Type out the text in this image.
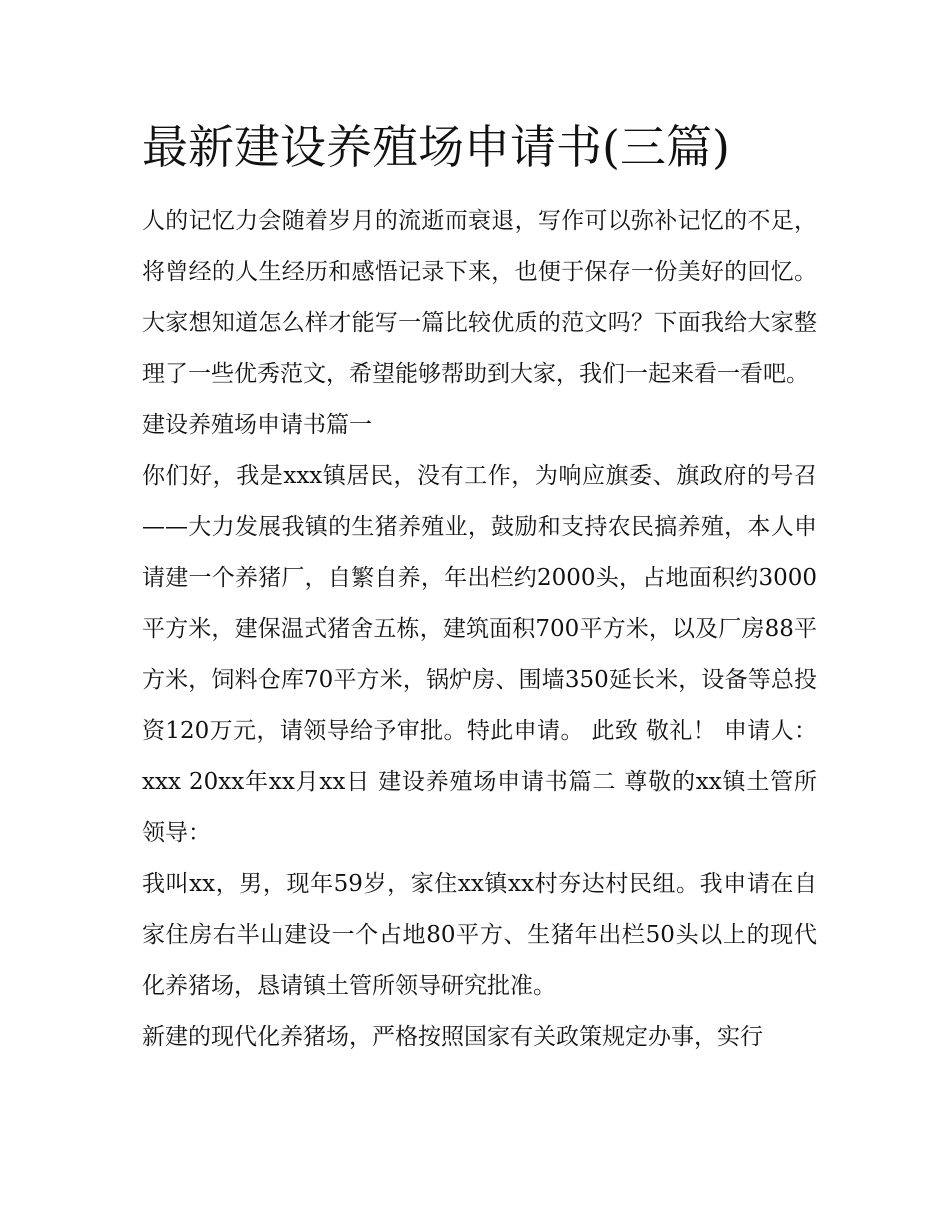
最新建设养殖场申请书(三篇)

人的记忆力会随着岁月的流逝而衰退，写作可以弥补记忆的不足，将曾经的人生经历和感悟记录下来，也便于保存一份美好的回忆。大家想知道怎么样才能写一篇比较优质的范文吗？下面我给大家整理了一些优秀范文，希望能够帮助到大家，我们一起来看一看吧。

建设养殖场申请书篇一

你们好，我是xxx镇居民，没有工作，为响应旗委、旗政府的号召——大力发展我镇的生猪养殖业，鼓励和支持农民搞养殖，本人申请建一个养猪厂，自繁自养，年出栏约2000头，占地面积约3000平方米，建保温式猪舍五栋，建筑面积700平方米，以及厂房88平方米，饲料仓库70平方米，锅炉房、围墙350延长米，设备等总投资120万元，请领导给予审批。特此申请。 此致 敬礼！ 申请人：xxx 20xx年xx月xx日 建设养殖场申请书篇二 尊敬的xx镇土管所领导：

我叫xx，男，现年59岁，家住xx镇xx村夯达村民组。我申请在自家住房右半山建设一个占地80平方、生猪年出栏50头以上的现代化养猪场，恳请镇土管所领导研究批准。

新建的现代化养猪场，严格按照国家有关政策规定办事，实行
